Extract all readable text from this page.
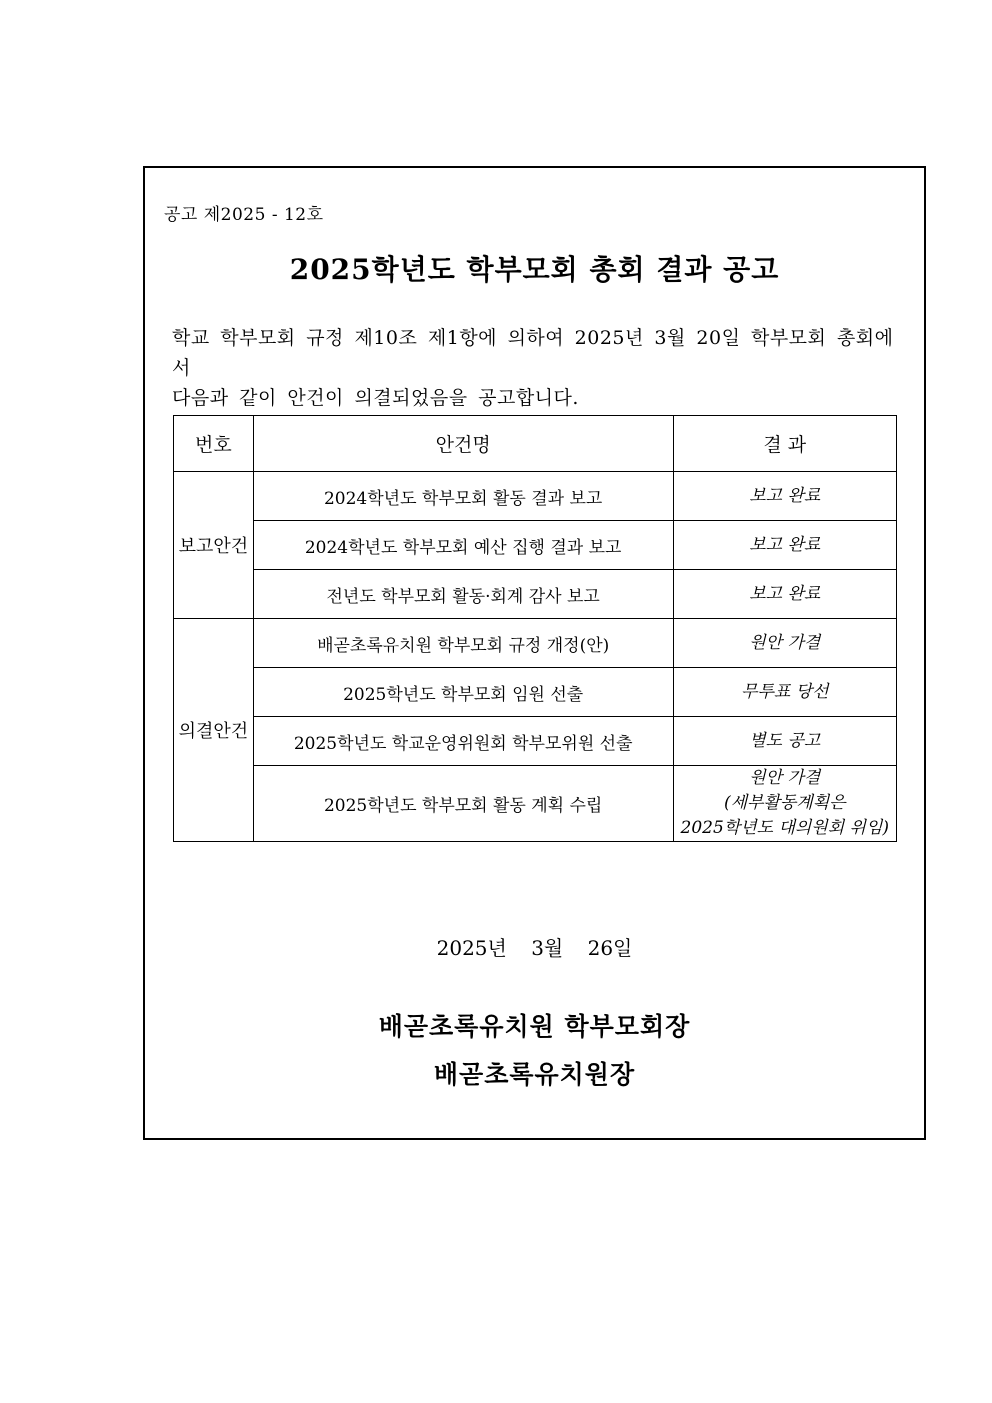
공고 제2025 - 12호
2025학년도 학부모회 총회 결과 공고

학교 학부모회 규정 제10조 제1항에 의하여 2025년 3월 20일 학부모회 총회에서

다음과 같이 안건이 의결되었음을 공고합니다.

번호	안건명	결 과
보고안건	2024학년도 학부모회 활동 결과 보고	보고 완료

	2024학년도 학부모회 예산 집행 결과 보고	보고 완료

	전년도 학부모회 활동·회계 감사 보고	보고 완료

의결안건	배곧초록유치원 학부모회 규정 개정(안)	원안 가결

	2025학년도 학부모회 임원 선출	무투표 당선

	2025학년도 학교운영위원회 학부모위원 선출	별도 공고

	2025학년도 학부모회 활동 계획 수립	원안 가결
(세부활동계획은
2025학년도 대의원회 위임)
2025년 3월 26일
배곧초록유치원 학부모회장
배곧초록유치원장
